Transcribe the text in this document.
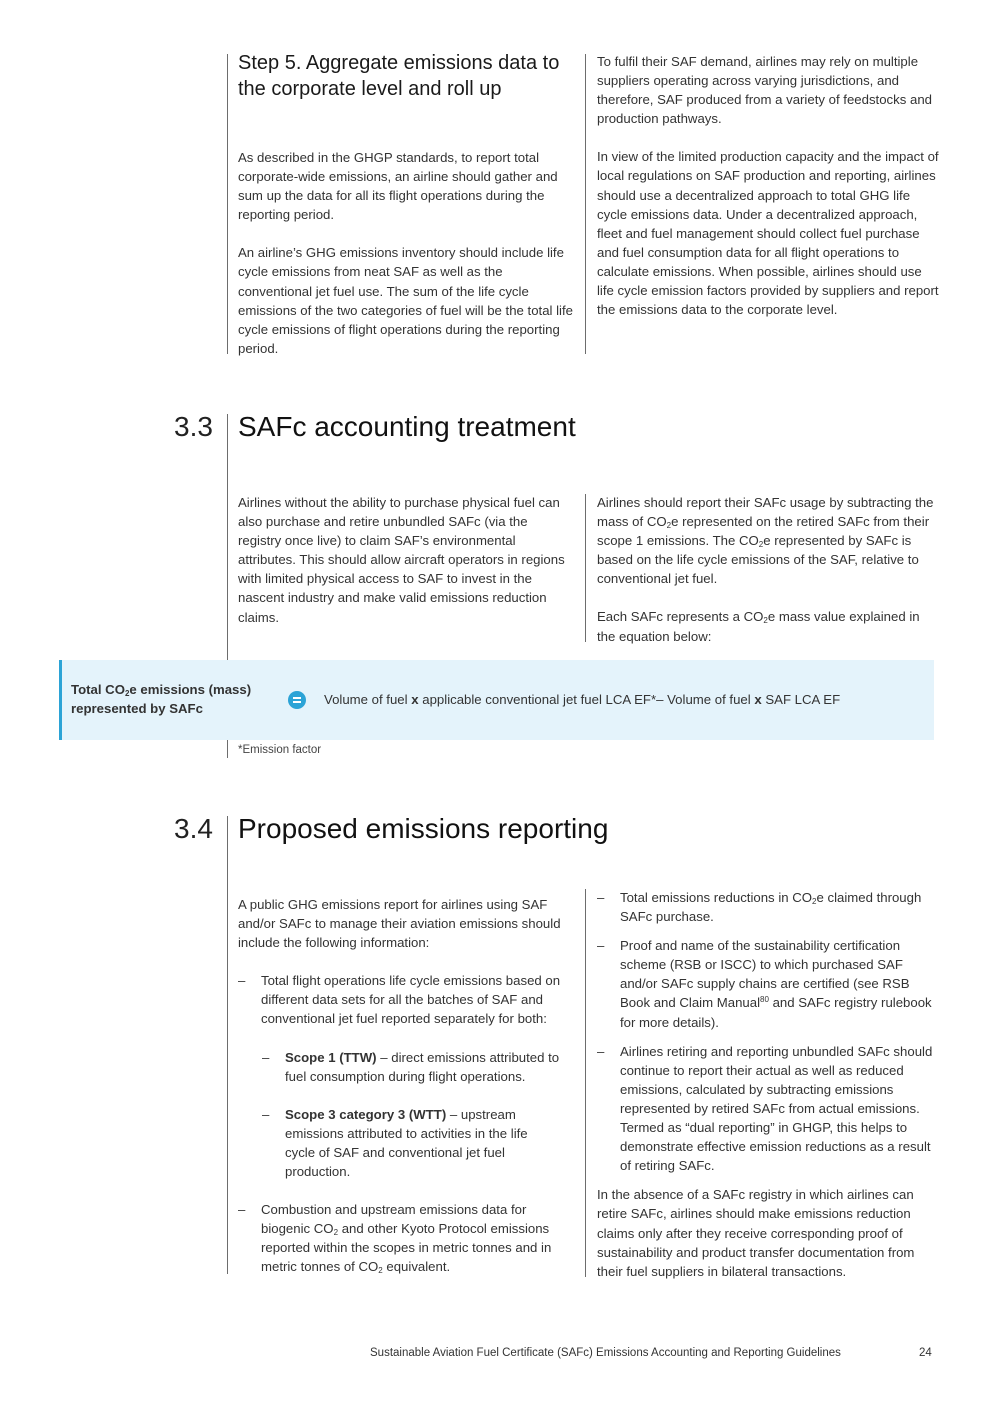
Step 5. Aggregate emissions data to the corporate level and roll up

As described in the GHGP standards, to report total corporate-wide emissions, an airline should gather and sum up the data for all its flight operations during the reporting period.

An airline’s GHG emissions inventory should include life cycle emissions from neat SAF as well as the conventional jet fuel use. The sum of the life cycle emissions of the two categories of fuel will be the total life cycle emissions of flight operations during the reporting period.

To fulfil their SAF demand, airlines may rely on multiple suppliers operating across varying jurisdictions, and therefore, SAF produced from a variety of feedstocks and production pathways.

In view of the limited production capacity and the impact of local regulations on SAF production and reporting, airlines should use a decentralized approach to total GHG life cycle emissions data. Under a decentralized approach, fleet and fuel management should collect fuel purchase and fuel consumption data for all flight operations to calculate emissions. When possible, airlines should use life cycle emission factors provided by suppliers and report the emissions data to the corporate level.

3.3 SAFc accounting treatment

Airlines without the ability to purchase physical fuel can also purchase and retire unbundled SAFc (via the registry once live) to claim SAF’s environmental attributes. This should allow aircraft operators in regions with limited physical access to SAF to invest in the nascent industry and make valid emissions reduction claims.

Airlines should report their SAFc usage by subtracting the mass of $CO_2e$ represented on the retired SAFc from their scope 1 emissions. The $CO_2e$ represented by SAFc is based on the life cycle emissions of the SAF, relative to conventional jet fuel.

Each SAFc represents a $CO_2e$ mass value explained in the equation below:

Total $CO_2e$ emissions (mass) represented by SAFc
Volume of fuel x applicable conventional jet fuel LCA EF*– Volume of fuel x SAF LCA EF
*Emission factor
3.4 Proposed emissions reporting

A public GHG emissions report for airlines using SAF and/or SAFc to manage their aviation emissions should include the following information:

– Total flight operations life cycle emissions based on different data sets for all the batches of SAF and conventional jet fuel reported separately for both:
– Scope 1 (TTW) – direct emissions attributed to fuel consumption during flight operations.
– Scope 3 category 3 (WTT) – upstream emissions attributed to activities in the life cycle of SAF and conventional jet fuel production.
– Combustion and upstream emissions data for biogenic $CO_2$ and other Kyoto Protocol emissions reported within the scopes in metric tonnes and in metric tonnes of $CO_2$ equivalent.
– Total emissions reductions in $CO_2e$ claimed through SAFc purchase.
– Proof and name of the sustainability certification scheme (RSB or ISCC) to which purchased SAF and/or SAFc supply chains are certified (see RSB Book and Claim Manual$^{80}$ and SAFc registry rulebook for more details).
– Airlines retiring and reporting unbundled SAFc should continue to report their actual as well as reduced emissions, calculated by subtracting emissions represented by retired SAFc from actual emissions. Termed as “dual reporting” in GHGP, this helps to demonstrate effective emission reductions as a result of retiring SAFc.

In the absence of a SAFc registry in which airlines can retire SAFc, airlines should make emissions reduction claims only after they receive corresponding proof of sustainability and product transfer documentation from their fuel suppliers in bilateral transactions.

Sustainable Aviation Fuel Certificate (SAFc) Emissions Accounting and Reporting Guidelines	24
